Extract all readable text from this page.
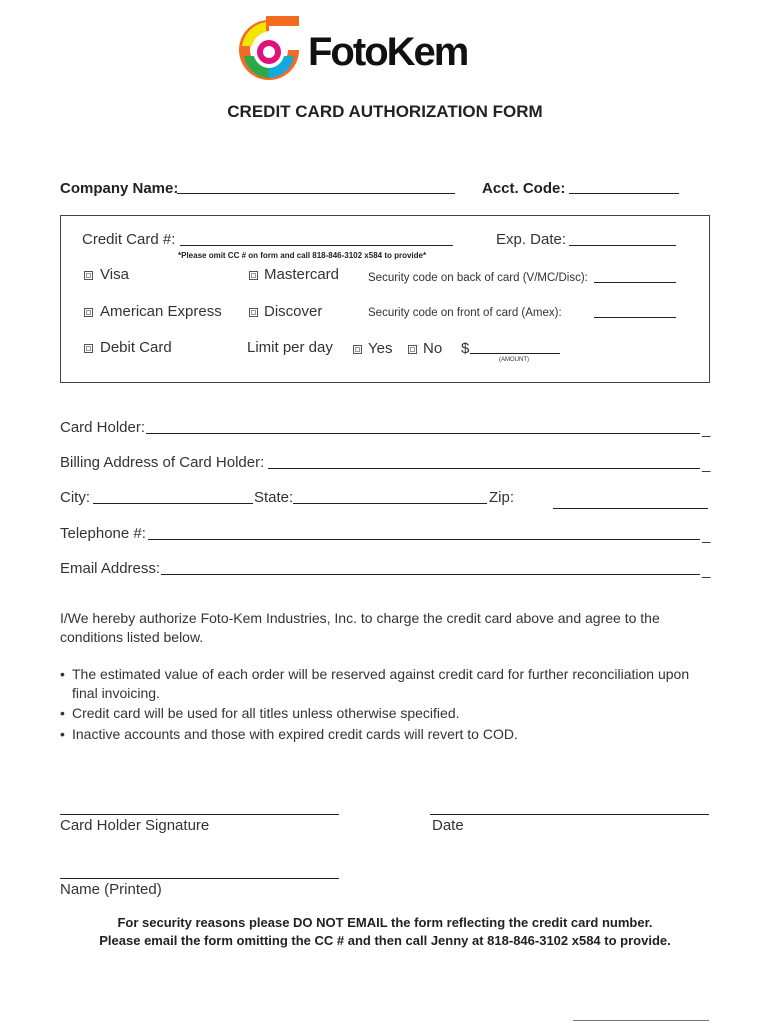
FotoKem
CREDIT CARD AUTHORIZATION FORM
Company Name:	Acct. Code:
Credit Card #:	Exp. Date:
*Please omit CC # on form and call 818-846-3102 x584 to provide*
Visa	Mastercard	Security code on back of card (V/MC/Disc):
American Express	Discover	Security code on front of card (Amex):
Debit Card	Limit per day Yes No $
(AMOUNT)
Card Holder:	_
Billing Address of Card Holder:	_
City:	State:	Zip:
Telephone #:	_
Email Address:	_
I/We hereby authorize Foto-Kem Industries, Inc. to charge the credit card above and agree to the conditions listed below.
• The estimated value of each order will be reserved against credit card for further reconciliation upon final invoicing.
• Credit card will be used for all titles unless otherwise specified.
• Inactive accounts and those with expired credit cards will revert to COD.
Card Holder Signature	Date
Name (Printed)
For security reasons please DO NOT EMAIL the form reflecting the credit card number.
Please email the form omitting the CC # and then call Jenny at 818-846-3102 x584 to provide.
